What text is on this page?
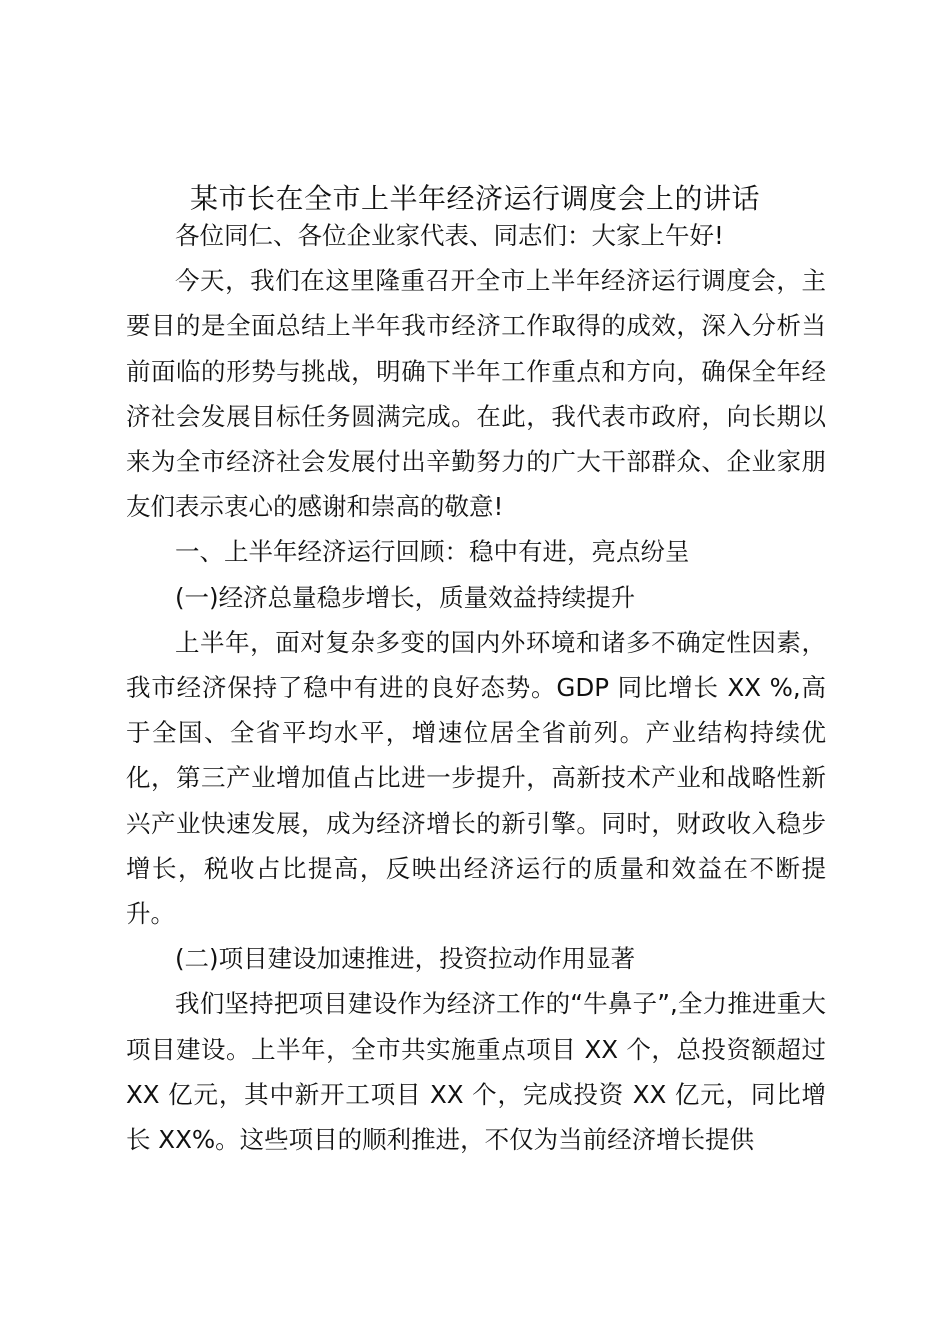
某市长在全市上半年经济运行调度会上的讲话

各位同仁、各位企业家代表、同志们：大家上午好!

今天，我们在这里隆重召开全市上半年经济运行调度会，主要目的是全面总结上半年我市经济工作取得的成效，深入分析当前面临的形势与挑战，明确下半年工作重点和方向，确保全年经济社会发展目标任务圆满完成。在此，我代表市政府，向长期以来为全市经济社会发展付出辛勤努力的广大干部群众、企业家朋友们表示衷心的感谢和崇高的敬意!

一、上半年经济运行回顾：稳中有进，亮点纷呈

(一)经济总量稳步增长，质量效益持续提升

上半年，面对复杂多变的国内外环境和诸多不确定性因素，我市经济保持了稳中有进的良好态势。GDP 同比增长 XX %,高于全国、全省平均水平，增速位居全省前列。产业结构持续优化，第三产业增加值占比进一步提升，高新技术产业和战略性新兴产业快速发展，成为经济增长的新引擎。同时，财政收入稳步增长，税收占比提高，反映出经济运行的质量和效益在不断提升。

(二)项目建设加速推进，投资拉动作用显著

我们坚持把项目建设作为经济工作的“牛鼻子”,全力推进重大项目建设。上半年，全市共实施重点项目 XX 个，总投资额超过 XX 亿元，其中新开工项目 XX 个，完成投资 XX 亿元，同比增长 XX%。这些项目的顺利推进，不仅为当前经济增长提供
